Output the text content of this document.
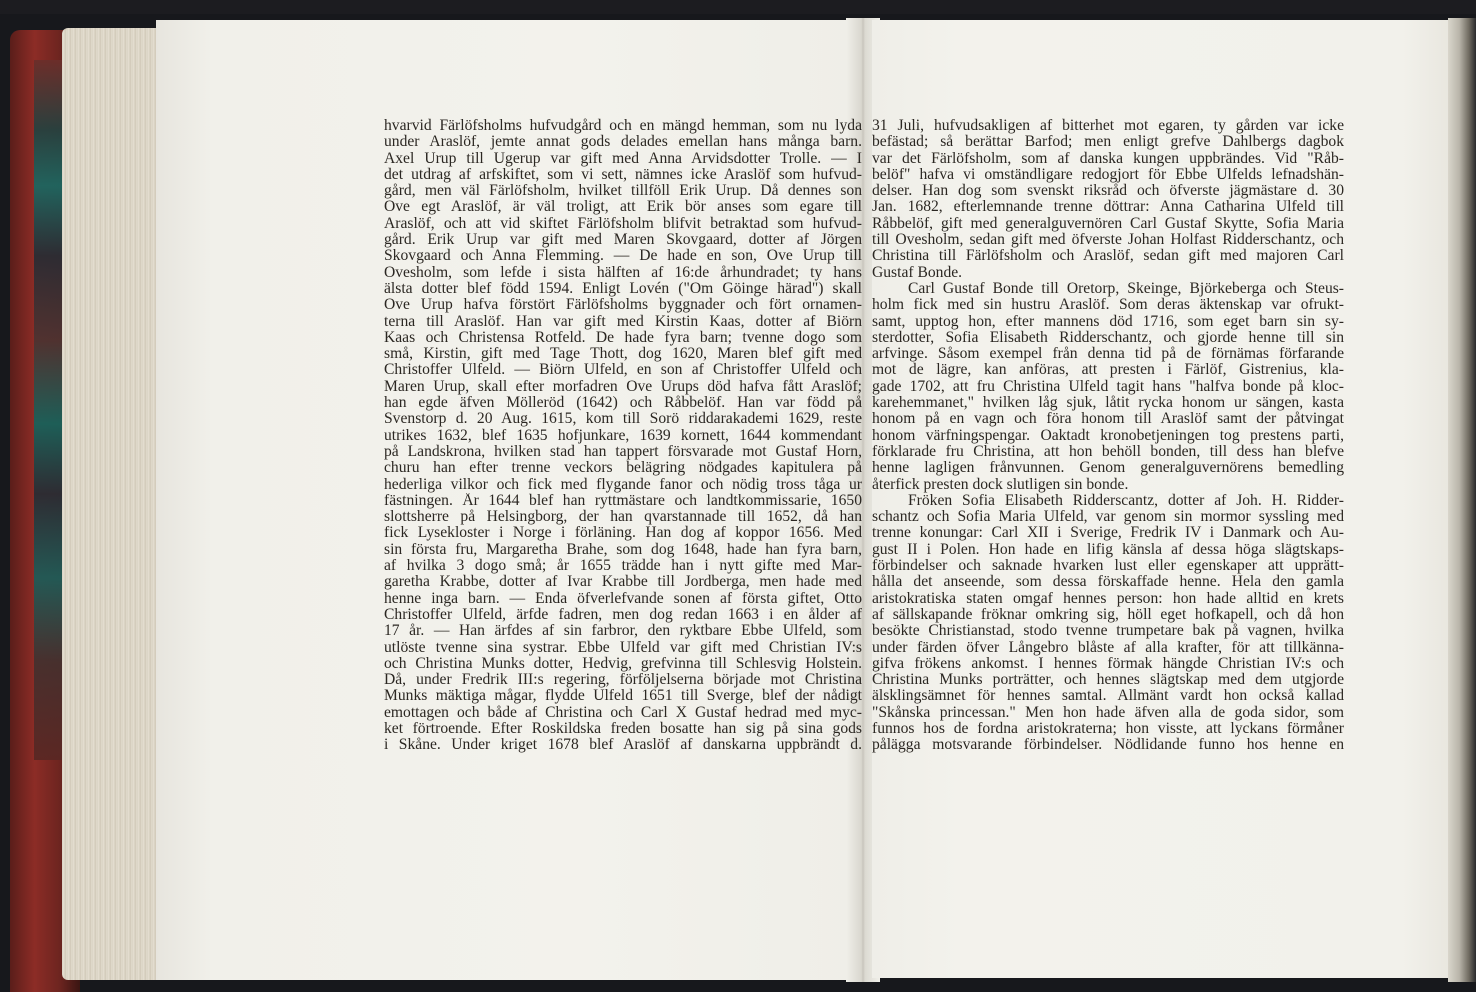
hvarvid Färlöfsholms hufvudgård och en mängd hemman, som nu lyda
under Araslöf, jemte annat gods delades emellan hans många barn.
Axel Urup till Ugerup var gift med Anna Arvidsdotter Trolle. — I
det utdrag af arfskiftet, som vi sett, nämnes icke Araslöf som hufvud-
gård, men väl Färlöfsholm, hvilket tillföll Erik Urup. Då dennes son
Ove egt Araslöf, är väl troligt, att Erik bör anses som egare till
Araslöf, och att vid skiftet Färlöfsholm blifvit betraktad som hufvud-
gård. Erik Urup var gift med Maren Skovgaard, dotter af Jörgen
Skovgaard och Anna Flemming. — De hade en son, Ove Urup till
Ovesholm, som lefde i sista hälften af 16:de århundradet; ty hans
älsta dotter blef född 1594. Enligt Lovén ("Om Göinge härad") skall
Ove Urup hafva förstört Färlöfsholms byggnader och fört ornamen-
terna till Araslöf. Han var gift med Kirstin Kaas, dotter af Biörn
Kaas och Christensa Rotfeld. De hade fyra barn; tvenne dogo som
små, Kirstin, gift med Tage Thott, dog 1620, Maren blef gift med
Christoffer Ulfeld. — Biörn Ulfeld, en son af Christoffer Ulfeld och
Maren Urup, skall efter morfadren Ove Urups död hafva fått Araslöf;
han egde äfven Mölleröd (1642) och Råbbelöf. Han var född på
Svenstorp d. 20 Aug. 1615, kom till Sorö riddarakademi 1629, reste
utrikes 1632, blef 1635 hofjunkare, 1639 kornett, 1644 kommendant
på Landskrona, hvilken stad han tappert försvarade mot Gustaf Horn,
churu han efter trenne veckors belägring nödgades kapitulera på
hederliga vilkor och fick med flygande fanor och nödig tross tåga ur
fästningen. År 1644 blef han ryttmästare och landtkommissarie, 1650
slottsherre på Helsingborg, der han qvarstannade till 1652, då han
fick Lysekloster i Norge i förläning. Han dog af koppor 1656. Med
sin första fru, Margaretha Brahe, som dog 1648, hade han fyra barn,
af hvilka 3 dogo små; år 1655 trädde han i nytt gifte med Mar-
garetha Krabbe, dotter af Ivar Krabbe till Jordberga, men hade med
henne inga barn. — Enda öfverlefvande sonen af första giftet, Otto
Christoffer Ulfeld, ärfde fadren, men dog redan 1663 i en ålder af
17 år. — Han ärfdes af sin farbror, den ryktbare Ebbe Ulfeld, som
utlöste tvenne sina systrar. Ebbe Ulfeld var gift med Christian IV:s
och Christina Munks dotter, Hedvig, grefvinna till Schlesvig Holstein.
Då, under Fredrik III:s regering, förföljelserna började mot Christina
Munks mäktiga mågar, flydde Ulfeld 1651 till Sverge, blef der nådigt
emottagen och både af Christina och Carl X Gustaf hedrad med myc-
ket förtroende. Efter Roskildska freden bosatte han sig på sina gods
i Skåne. Under kriget 1678 blef Araslöf af danskarna uppbrändt d.
31 Juli, hufvudsakligen af bitterhet mot egaren, ty gården var icke
befästad; så berättar Barfod; men enligt grefve Dahlbergs dagbok
var det Färlöfsholm, som af danska kungen uppbrändes. Vid "Råb-
belöf" hafva vi omständligare redogjort för Ebbe Ulfelds lefnadshän-
delser. Han dog som svenskt riksråd och öfverste jägmästare d. 30
Jan. 1682, efterlemnande trenne döttrar: Anna Catharina Ulfeld till
Råbbelöf, gift med generalguvernören Carl Gustaf Skytte, Sofia Maria
till Ovesholm, sedan gift med öfverste Johan Holfast Ridderschantz, och
Christina till Färlöfsholm och Araslöf, sedan gift med majoren Carl
Gustaf Bonde.
Carl Gustaf Bonde till Oretorp, Skeinge, Björkeberga och Steus-
holm fick med sin hustru Araslöf. Som deras äktenskap var ofrukt-
samt, upptog hon, efter mannens död 1716, som eget barn sin sy-
sterdotter, Sofia Elisabeth Ridderschantz, och gjorde henne till sin
arfvinge. Såsom exempel från denna tid på de förnämas förfarande
mot de lägre, kan anföras, att presten i Färlöf, Gistrenius, kla-
gade 1702, att fru Christina Ulfeld tagit hans "halfva bonde på kloc-
karehemmanet," hvilken låg sjuk, låtit rycka honom ur sängen, kasta
honom på en vagn och föra honom till Araslöf samt der påtvingat
honom värfningspengar. Oaktadt kronobetjeningen tog prestens parti,
förklarade fru Christina, att hon behöll bonden, till dess han blefve
henne lagligen frånvunnen. Genom generalguvernörens bemedling
återfick presten dock slutligen sin bonde.
Fröken Sofia Elisabeth Ridderscantz, dotter af Joh. H. Ridder-
schantz och Sofia Maria Ulfeld, var genom sin mormor syssling med
trenne konungar: Carl XII i Sverige, Fredrik IV i Danmark och Au-
gust II i Polen. Hon hade en lifig känsla af dessa höga slägtskaps-
förbindelser och saknade hvarken lust eller egenskaper att upprätt-
hålla det anseende, som dessa förskaffade henne. Hela den gamla
aristokratiska staten omgaf hennes person: hon hade alltid en krets
af sällskapande fröknar omkring sig, höll eget hofkapell, och då hon
besökte Christianstad, stodo tvenne trumpetare bak på vagnen, hvilka
under färden öfver Långebro blåste af alla krafter, för att tillkänna-
gifva frökens ankomst. I hennes förmak hängde Christian IV:s och
Christina Munks porträtter, och hennes slägtskap med dem utgjorde
älsklingsämnet för hennes samtal. Allmänt vardt hon också kallad
"Skånska princessan." Men hon hade äfven alla de goda sidor, som
funnos hos de fordna aristokraterna; hon visste, att lyckans förmåner
pålägga motsvarande förbindelser. Nödlidande funno hos henne en
